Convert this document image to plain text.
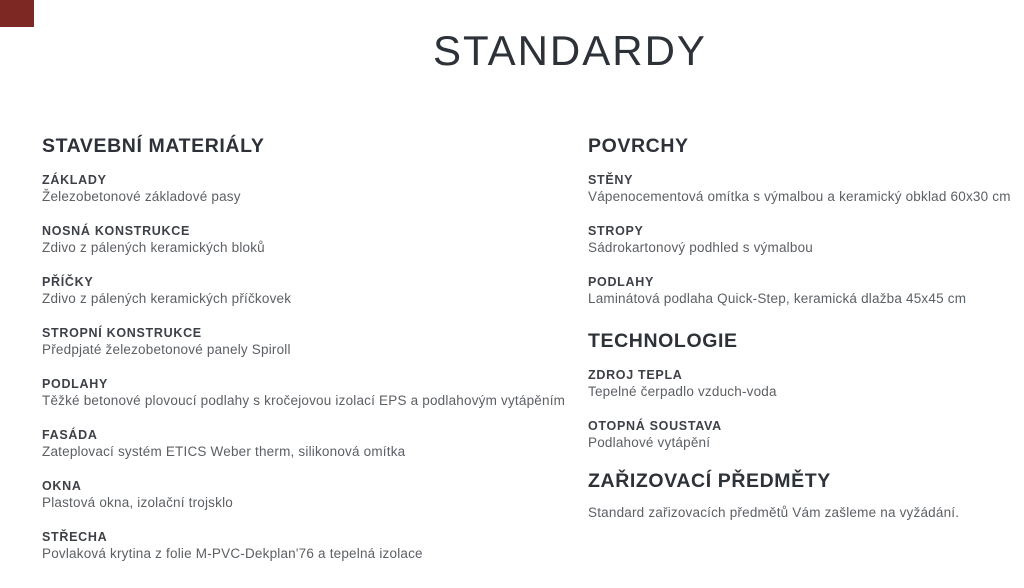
STANDARDY
STAVEBNÍ MATERIÁLY
ZÁKLADY
Železobetonové základové pasy
NOSNÁ KONSTRUKCE
Zdivo z pálených keramických bloků
PŘÍČKY
Zdivo z pálených keramických příčkovek
STROPNÍ KONSTRUKCE
Předpjaté železobetonové panely Spiroll
PODLAHY
Těžké betonové plovoucí podlahy s kročejovou izolací EPS a podlahovým vytápěním
FASÁDA
Zateplovací systém ETICS Weber therm, silikonová omítka
OKNA
Plastová okna, izolační trojsklo
STŘECHA
Povlaková krytina z folie M-PVC-Dekplan'76 a tepelná izolace
POVRCHY
STĚNY
Vápenocementová omítka s výmalbou a keramický obklad 60x30 cm
STROPY
Sádrokartonový podhled s výmalbou
PODLAHY
Laminátová podlaha Quick-Step, keramická dlažba 45x45 cm
TECHNOLOGIE
ZDROJ TEPLA
Tepelné čerpadlo vzduch-voda
OTOPNÁ SOUSTAVA
Podlahové vytápění
ZAŘIZOVACÍ PŘEDMĚTY
Standard zařizovacích předmětů Vám zašleme na vyžádání.
